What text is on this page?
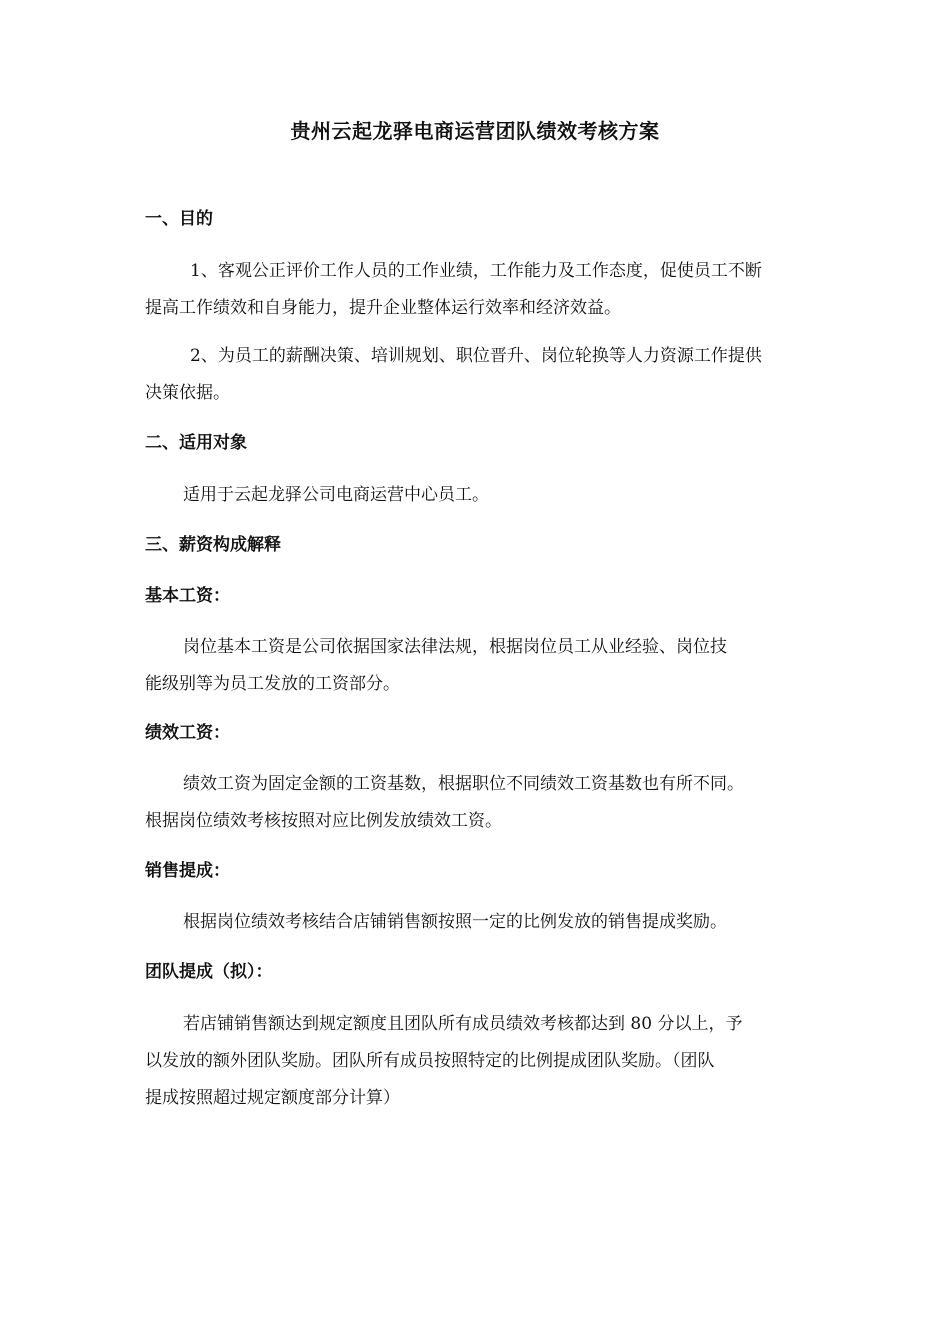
贵州云起龙驿电商运营团队绩效考核方案
一、目的
1、客观公正评价工作人员的工作业绩，工作能力及工作态度，促使员工不断
提高工作绩效和自身能力，提升企业整体运行效率和经济效益。
2、为员工的薪酬决策、培训规划、职位晋升、岗位轮换等人力资源工作提供
决策依据。
二、适用对象
适用于云起龙驿公司电商运营中心员工。
三、薪资构成解释
基本工资：
岗位基本工资是公司依据国家法律法规，根据岗位员工从业经验、岗位技
能级别等为员工发放的工资部分。
绩效工资：
绩效工资为固定金额的工资基数，根据职位不同绩效工资基数也有所不同。
根据岗位绩效考核按照对应比例发放绩效工资。
销售提成：
根据岗位绩效考核结合店铺销售额按照一定的比例发放的销售提成奖励。
团队提成（拟）：
若店铺销售额达到规定额度且团队所有成员绩效考核都达到 80 分以上，予
以发放的额外团队奖励。团队所有成员按照特定的比例提成团队奖励。（团队
提成按照超过规定额度部分计算）
